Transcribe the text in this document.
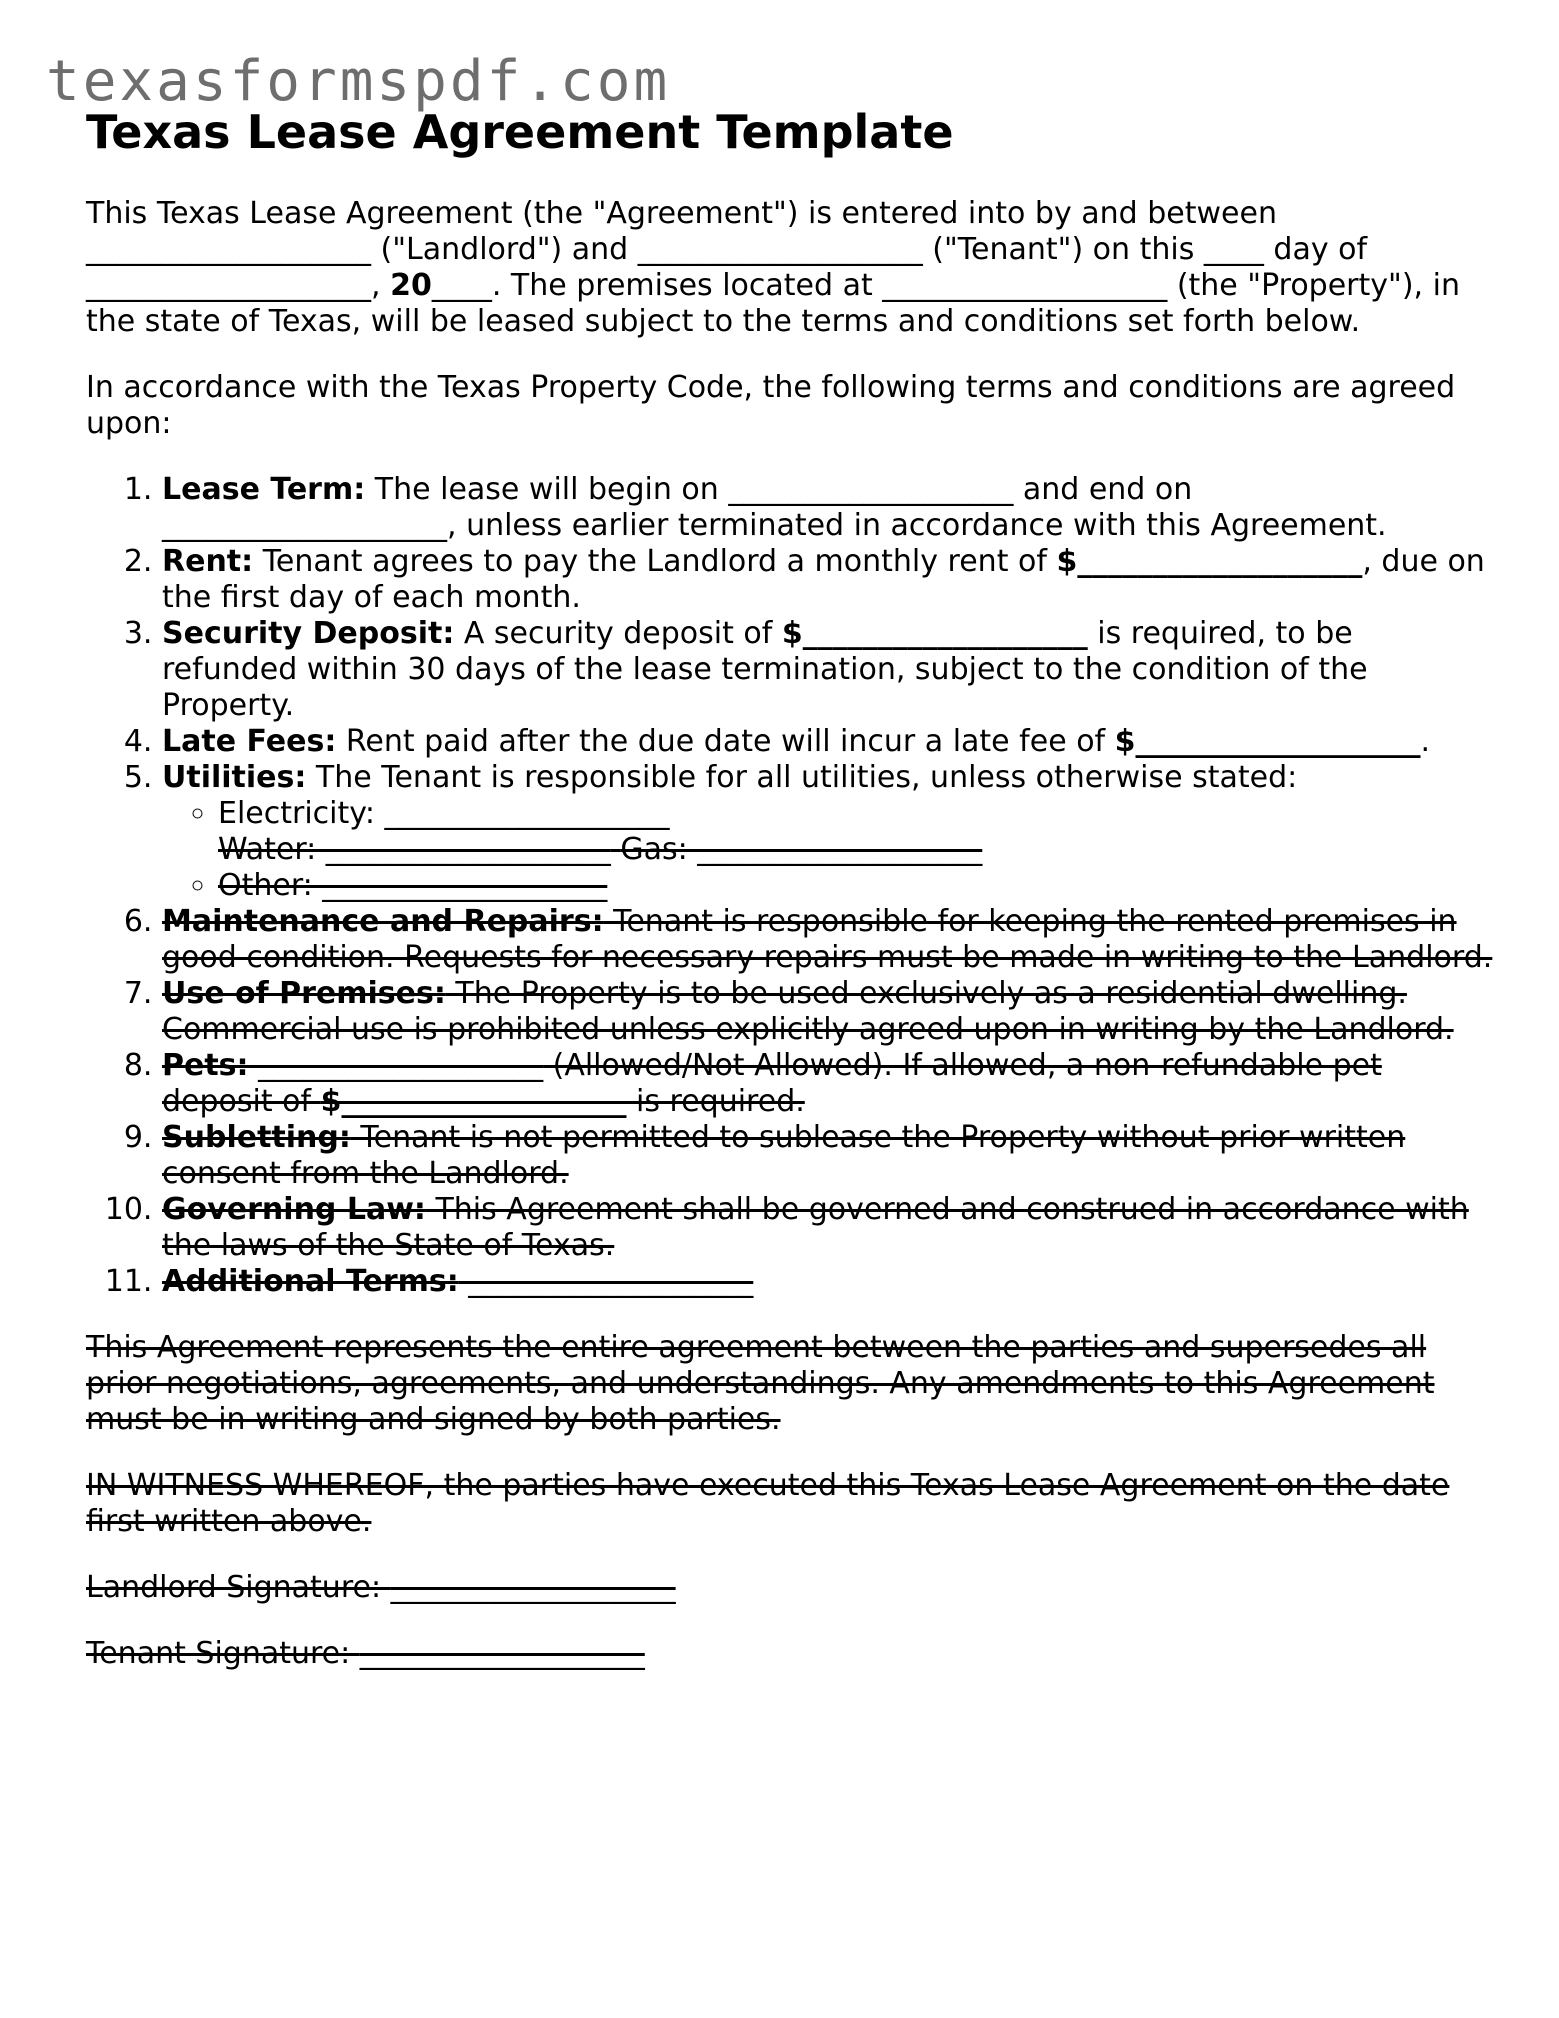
texasformspdf.com
Texas Lease Agreement Template

This Texas Lease Agreement (the "Agreement") is entered into by and between ___________________ ("Landlord") and ___________________ ("Tenant") on this ____ day of ___________________, 20____. The premises located at ___________________ (the "Property"), in the state of Texas, will be leased subject to the terms and conditions set forth below.

In accordance with the Texas Property Code, the following terms and conditions are agreed upon:

1. Lease Term: The lease will begin on ___________________ and end on ___________________, unless earlier terminated in accordance with this Agreement.
2. Rent: Tenant agrees to pay the Landlord a monthly rent of $___________________, due on the first day of each month.
3. Security Deposit: A security deposit of $___________________ is required, to be refunded within 30 days of the lease termination, subject to the condition of the Property.
4. Late Fees: Rent paid after the due date will incur a late fee of $___________________.
5. Utilities: The Tenant is responsible for all utilities, unless otherwise stated:
◦ Electricity: ___________________
Water: ___________________ Gas: ___________________
◦ Other: ___________________
6. Maintenance and Repairs: Tenant is responsible for keeping the rented premises in good condition. Requests for necessary repairs must be made in writing to the Landlord.
7. Use of Premises: The Property is to be used exclusively as a residential dwelling. Commercial use is prohibited unless explicitly agreed upon in writing by the Landlord.
8. Pets: ___________________ (Allowed/Not Allowed). If allowed, a non-refundable pet deposit of $___________________ is required.
9. Subletting: Tenant is not permitted to sublease the Property without prior written consent from the Landlord.
10. Governing Law: This Agreement shall be governed and construed in accordance with the laws of the State of Texas.
11. Additional Terms: ___________________

This Agreement represents the entire agreement between the parties and supersedes all prior negotiations, agreements, and understandings. Any amendments to this Agreement must be in writing and signed by both parties.

IN WITNESS WHEREOF, the parties have executed this Texas Lease Agreement on the date first written above.

Landlord Signature: ___________________

Tenant Signature: ___________________
